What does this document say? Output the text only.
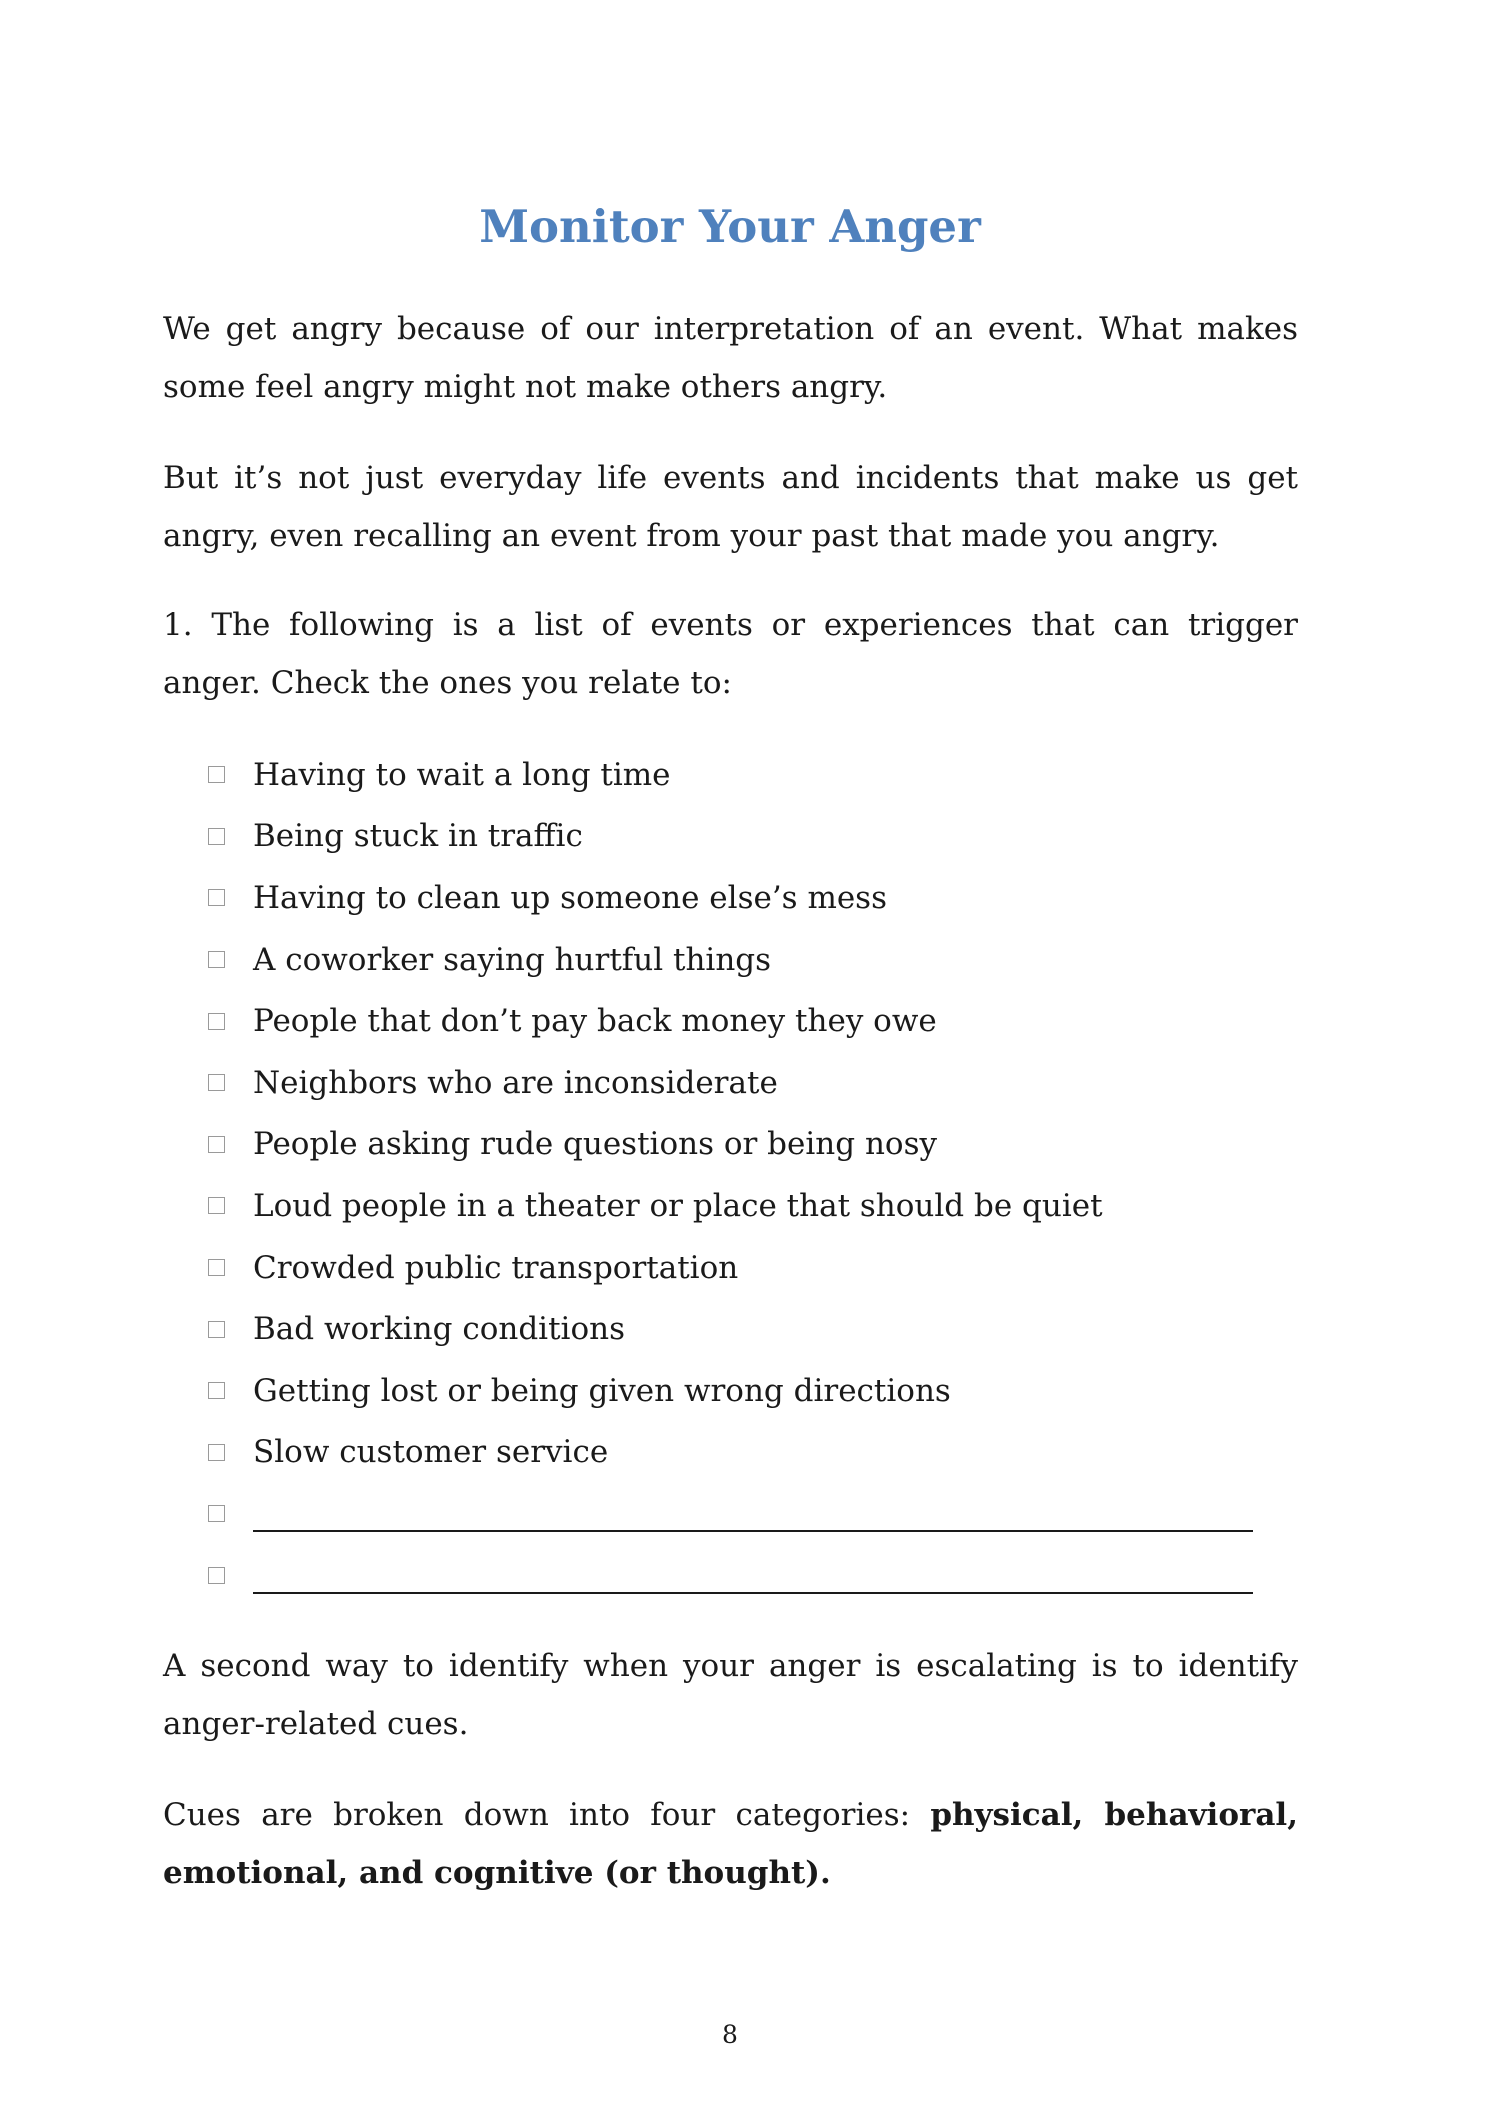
Monitor Your Anger

We get angry because of our interpretation of an event. What makes some feel angry might not make others angry.

But it’s not just everyday life events and incidents that make us get angry, even recalling an event from your past that made you angry.

1. The following is a list of events or experiences that can trigger anger. Check the ones you relate to:

Having to wait a long time
Being stuck in traffic
Having to clean up someone else’s mess
A coworker saying hurtful things
People that don’t pay back money they owe
Neighbors who are inconsiderate
People asking rude questions or being nosy
Loud people in a theater or place that should be quiet
Crowded public transportation
Bad working conditions
Getting lost or being given wrong directions
Slow customer service

A second way to identify when your anger is escalating is to identify anger-related cues.

Cues are broken down into four categories: physical, behavioral, emotional, and cognitive (or thought).

8
